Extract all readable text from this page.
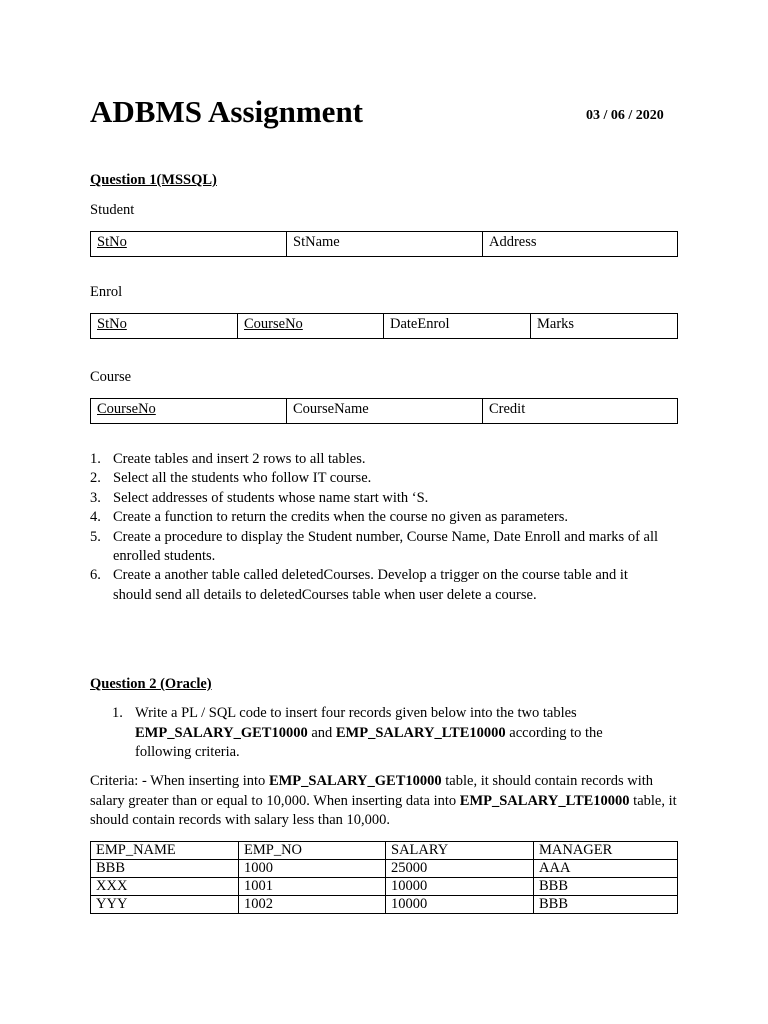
ADBMS Assignment	03 / 06 / 2020
Question 1(MSSQL)
Student
StNo	StName	Address
Enrol
StNo	CourseNo	DateEnrol	Marks
Course
CourseNo	CourseName	Credit
1. Create tables and insert 2 rows to all tables.
2. Select all the students who follow IT course.
3. Select addresses of students whose name start with ‘S.
4. Create a function to return the credits when the course no given as parameters.
5. Create a procedure to display the Student number, Course Name, Date Enroll and marks of all enrolled students.
6. Create a another table called deletedCourses. Develop a trigger on the course table and it should send all details to deletedCourses table when user delete a course.
Question 2 (Oracle)
1. Write a PL / SQL code to insert four records given below into the two tables EMP_SALARY_GET10000 and EMP_SALARY_LTE10000 according to the following criteria.
Criteria: - When inserting into EMP_SALARY_GET10000 table, it should contain records with salary greater than or equal to 10,000. When inserting data into EMP_SALARY_LTE10000 table, it should contain records with salary less than 10,000.
EMP_NAME	EMP_NO	SALARY	MANAGER
BBB	1000	25000	AAA
XXX	1001	10000	BBB
YYY	1002	10000	BBB
